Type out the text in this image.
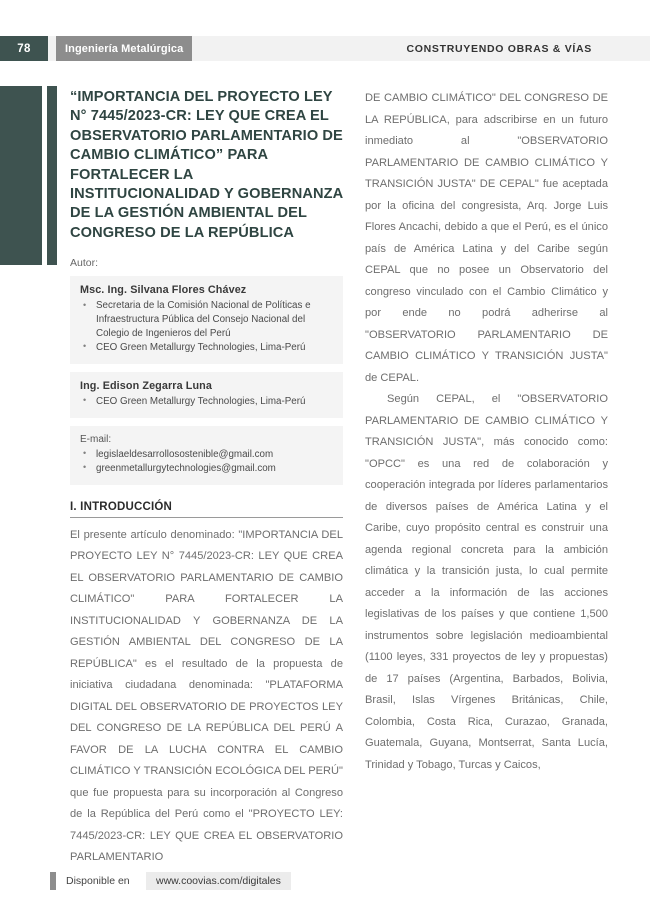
78	Ingeniería Metalúrgica	CONSTRUYENDO OBRAS & VÍAS
“IMPORTANCIA DEL PROYECTO LEY N° 7445/2023-CR: LEY QUE CREA EL OBSERVATORIO PARLAMENTARIO DE CAMBIO CLIMÁTICO” PARA FORTALECER LA INSTITUCIONALIDAD Y GOBERNANZA DE LA GESTIÓN AMBIENTAL DEL CONGRESO DE LA REPÚBLICA
Autor:
Msc. Ing. Silvana Flores Chávez
• Secretaria de la Comisión Nacional de Políticas e Infraestructura Pública del Consejo Nacional del Colegio de Ingenieros del Perú
• CEO Green Metallurgy Technologies, Lima-Perú
Ing. Edison Zegarra Luna
• CEO Green Metallurgy Technologies, Lima-Perú
E-mail:
• legislaeldesarrollosostenible@gmail.com
• greenmetallurgytechnologies@gmail.com
I. INTRODUCCIÓN

El presente artículo denominado: "IMPORTANCIA DEL PROYECTO LEY N° 7445/2023-CR: LEY QUE CREA EL OBSERVATORIO PARLAMENTARIO DE CAMBIO CLIMÁTICO" PARA FORTALECER LA INSTITUCIONALIDAD Y GOBERNANZA DE LA GESTIÓN AMBIENTAL DEL CONGRESO DE LA REPÚBLICA" es el resultado de la propuesta de iniciativa ciudadana denominada: "PLATAFORMA DIGITAL DEL OBSERVATORIO DE PROYECTOS LEY DEL CONGRESO DE LA REPÚBLICA DEL PERÚ A FAVOR DE LA LUCHA CONTRA EL CAMBIO CLIMÁTICO Y TRANSICIÓN ECOLÓGICA DEL PERÚ" que fue propuesta para su incorporación al Congreso de la República del Perú como el "PROYECTO LEY: 7445/2023-CR: LEY QUE CREA EL OBSERVATORIO PARLAMENTARIO

DE CAMBIO CLIMÁTICO" DEL CONGRESO DE LA REPÚBLICA, para adscribirse en un futuro inmediato al "OBSERVATORIO PARLAMENTARIO DE CAMBIO CLIMÁTICO Y TRANSICIÓN JUSTA" DE CEPAL" fue aceptada por la oficina del congresista, Arq. Jorge Luis Flores Ancachi, debido a que el Perú, es el único país de América Latina y del Caribe según CEPAL que no posee un Observatorio del congreso vinculado con el Cambio Climático y por ende no podrá adherirse al "OBSERVATORIO PARLAMENTARIO DE CAMBIO CLIMÁTICO Y TRANSICIÓN JUSTA" de CEPAL.

Según CEPAL, el "OBSERVATORIO PARLAMENTARIO DE CAMBIO CLIMÁTICO Y TRANSICIÓN JUSTA", más conocido como: "OPCC" es una red de colaboración y cooperación integrada por líderes parlamentarios de diversos países de América Latina y el Caribe, cuyo propósito central es construir una agenda regional concreta para la ambición climática y la transición justa, lo cual permite acceder a la información de las acciones legislativas de los países y que contiene 1,500 instrumentos sobre legislación medioambiental (1100 leyes, 331 proyectos de ley y propuestas) de 17 países (Argentina, Barbados, Bolivia, Brasil, Islas Vírgenes Británicas, Chile, Colombia, Costa Rica, Curazao, Granada, Guatemala, Guyana, Montserrat, Santa Lucía, Trinidad y Tobago, Turcas y Caicos,

Disponible en	www.coovias.com/digitales
